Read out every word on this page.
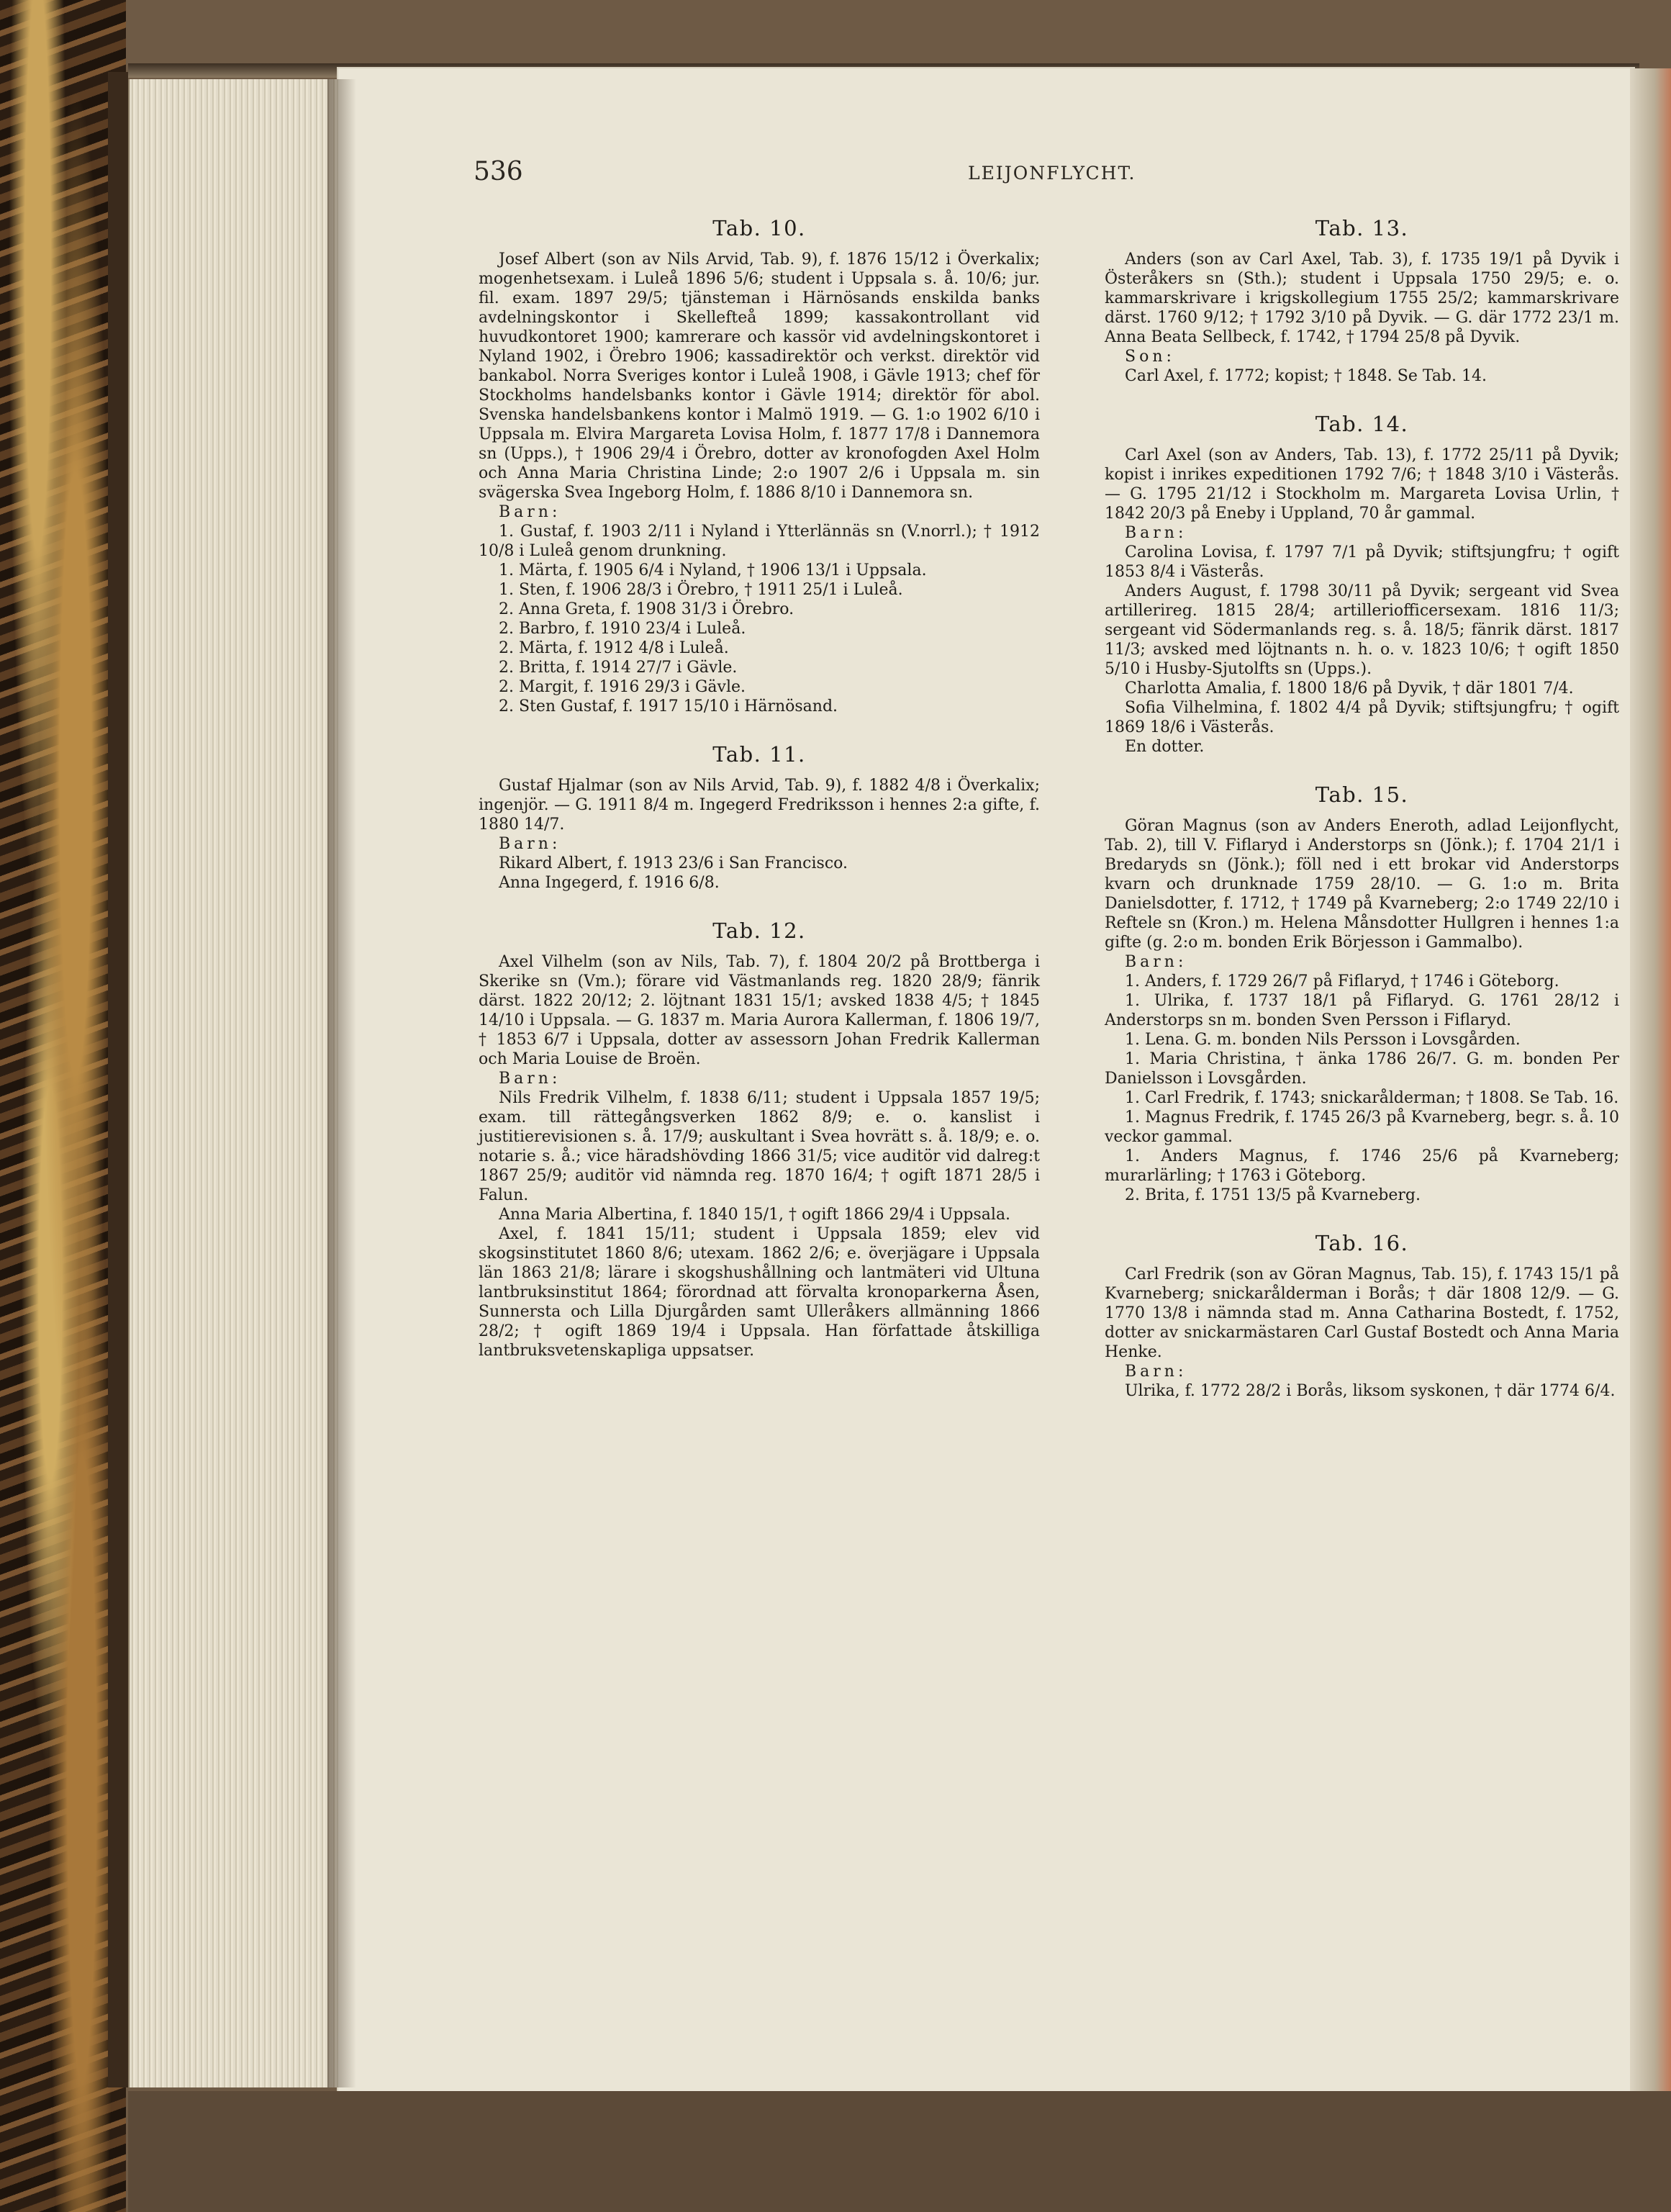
536	LEIJONFLYCHT.
Tab. 10.

Josef Albert (son av Nils Arvid, Tab. 9), f. 1876 15/12 i Överkalix; mogenhetsexam. i Luleå 1896 5/6; student i Uppsala s. å. 10/6; jur. fil. exam. 1897 29/5; tjänsteman i Härnösands enskilda banks avdelningskontor i Skellefteå 1899; kassakontrollant vid huvudkontoret 1900; kamrerare och kassör vid avdelningskontoret i Nyland 1902, i Örebro 1906; kassadirektör och verkst. direktör vid bankabol. Norra Sveriges kontor i Luleå 1908, i Gävle 1913; chef för Stockholms handelsbanks kontor i Gävle 1914; direktör för abol. Svenska handelsbankens kontor i Malmö 1919. — G. 1:o 1902 6/10 i Uppsala m. Elvira Margareta Lovisa Holm, f. 1877 17/8 i Dannemora sn (Upps.), † 1906 29/4 i Örebro, dotter av kronofogden Axel Holm och Anna Maria Christina Linde; 2:o 1907 2/6 i Uppsala m. sin svägerska Svea Ingeborg Holm, f. 1886 8/10 i Dannemora sn.

Barn:

1. Gustaf, f. 1903 2/11 i Nyland i Ytterlännäs sn (V.norrl.); † 1912 10/8 i Luleå genom drunkning.

1. Märta, f. 1905 6/4 i Nyland, † 1906 13/1 i Uppsala.

1. Sten, f. 1906 28/3 i Örebro, † 1911 25/1 i Luleå.

2. Anna Greta, f. 1908 31/3 i Örebro.

2. Barbro, f. 1910 23/4 i Luleå.

2. Märta, f. 1912 4/8 i Luleå.

2. Britta, f. 1914 27/7 i Gävle.

2. Margit, f. 1916 29/3 i Gävle.

2. Sten Gustaf, f. 1917 15/10 i Härnösand.

Tab. 11.

Gustaf Hjalmar (son av Nils Arvid, Tab. 9), f. 1882 4/8 i Överkalix; ingenjör. — G. 1911 8/4 m. Ingegerd Fredriksson i hennes 2:a gifte, f. 1880 14/7.

Barn:

Rikard Albert, f. 1913 23/6 i San Francisco.

Anna Ingegerd, f. 1916 6/8.

Tab. 12.

Axel Vilhelm (son av Nils, Tab. 7), f. 1804 20/2 på Brottberga i Skerike sn (Vm.); förare vid Västmanlands reg. 1820 28/9; fänrik därst. 1822 20/12; 2. löjtnant 1831 15/1; avsked 1838 4/5; † 1845 14/10 i Uppsala. — G. 1837 m. Maria Aurora Kallerman, f. 1806 19/7, † 1853 6/7 i Uppsala, dotter av assessorn Johan Fredrik Kallerman och Maria Louise de Broën.

Barn:

Nils Fredrik Vilhelm, f. 1838 6/11; student i Uppsala 1857 19/5; exam. till rättegångsverken 1862 8/9; e. o. kanslist i justitierevisionen s. å. 17/9; auskultant i Svea hovrätt s. å. 18/9; e. o. notarie s. å.; vice häradshövding 1866 31/5; vice auditör vid dalreg:t 1867 25/9; auditör vid nämnda reg. 1870 16/4; † ogift 1871 28/5 i Falun.

Anna Maria Albertina, f. 1840 15/1, † ogift 1866 29/4 i Uppsala.

Axel, f. 1841 15/11; student i Uppsala 1859; elev vid skogsinstitutet 1860 8/6; utexam. 1862 2/6; e. överjägare i Uppsala län 1863 21/8; lärare i skogshushållning och lantmäteri vid Ultuna lantbruksinstitut 1864; förordnad att förvalta kronoparkerna Åsen, Sunnersta och Lilla Djurgården samt Ulleråkers allmänning 1866 28/2; † ogift 1869 19/4 i Uppsala. Han författade åtskilliga lantbruksvetenskapliga uppsatser.

Tab. 13.

Anders (son av Carl Axel, Tab. 3), f. 1735 19/1 på Dyvik i Österåkers sn (Sth.); student i Uppsala 1750 29/5; e. o. kammarskrivare i krigskollegium 1755 25/2; kammarskrivare därst. 1760 9/12; † 1792 3/10 på Dyvik. — G. där 1772 23/1 m. Anna Beata Sellbeck, f. 1742, † 1794 25/8 på Dyvik.

Son:

Carl Axel, f. 1772; kopist; † 1848. Se Tab. 14.

Tab. 14.

Carl Axel (son av Anders, Tab. 13), f. 1772 25/11 på Dyvik; kopist i inrikes expeditionen 1792 7/6; † 1848 3/10 i Västerås. — G. 1795 21/12 i Stockholm m. Margareta Lovisa Urlin, † 1842 20/3 på Eneby i Uppland, 70 år gammal.

Barn:

Carolina Lovisa, f. 1797 7/1 på Dyvik; stiftsjungfru; † ogift 1853 8/4 i Västerås.

Anders August, f. 1798 30/11 på Dyvik; sergeant vid Svea artillerireg. 1815 28/4; artilleriofficersexam. 1816 11/3; sergeant vid Södermanlands reg. s. å. 18/5; fänrik därst. 1817 11/3; avsked med löjtnants n. h. o. v. 1823 10/6; † ogift 1850 5/10 i Husby-Sjutolfts sn (Upps.).

Charlotta Amalia, f. 1800 18/6 på Dyvik, † där 1801 7/4.

Sofia Vilhelmina, f. 1802 4/4 på Dyvik; stiftsjungfru; † ogift 1869 18/6 i Västerås.

En dotter.

Tab. 15.

Göran Magnus (son av Anders Eneroth, adlad Leijonflycht, Tab. 2), till V. Fiflaryd i Anderstorps sn (Jönk.); f. 1704 21/1 i Bredaryds sn (Jönk.); föll ned i ett brokar vid Anderstorps kvarn och drunknade 1759 28/10. — G. 1:o m. Brita Danielsdotter, f. 1712, † 1749 på Kvarneberg; 2:o 1749 22/10 i Reftele sn (Kron.) m. Helena Månsdotter Hullgren i hennes 1:a gifte (g. 2:o m. bonden Erik Börjesson i Gammalbo).

Barn:

1. Anders, f. 1729 26/7 på Fiflaryd, † 1746 i Göteborg.

1. Ulrika, f. 1737 18/1 på Fiflaryd. G. 1761 28/12 i Anderstorps sn m. bonden Sven Persson i Fiflaryd.

1. Lena. G. m. bonden Nils Persson i Lovsgården.

1. Maria Christina, † änka 1786 26/7. G. m. bonden Per Danielsson i Lovsgården.

1. Carl Fredrik, f. 1743; snickarålderman; † 1808. Se Tab. 16.

1. Magnus Fredrik, f. 1745 26/3 på Kvarneberg, begr. s. å. 10 veckor gammal.

1. Anders Magnus, f. 1746 25/6 på Kvarneberg; murarlärling; † 1763 i Göteborg.

2. Brita, f. 1751 13/5 på Kvarneberg.

Tab. 16.

Carl Fredrik (son av Göran Magnus, Tab. 15), f. 1743 15/1 på Kvarneberg; snickarålderman i Borås; † där 1808 12/9. — G. 1770 13/8 i nämnda stad m. Anna Catharina Bostedt, f. 1752, dotter av snickarmästaren Carl Gustaf Bostedt och Anna Maria Henke.

Barn:

Ulrika, f. 1772 28/2 i Borås, liksom syskonen, † där 1774 6/4.
